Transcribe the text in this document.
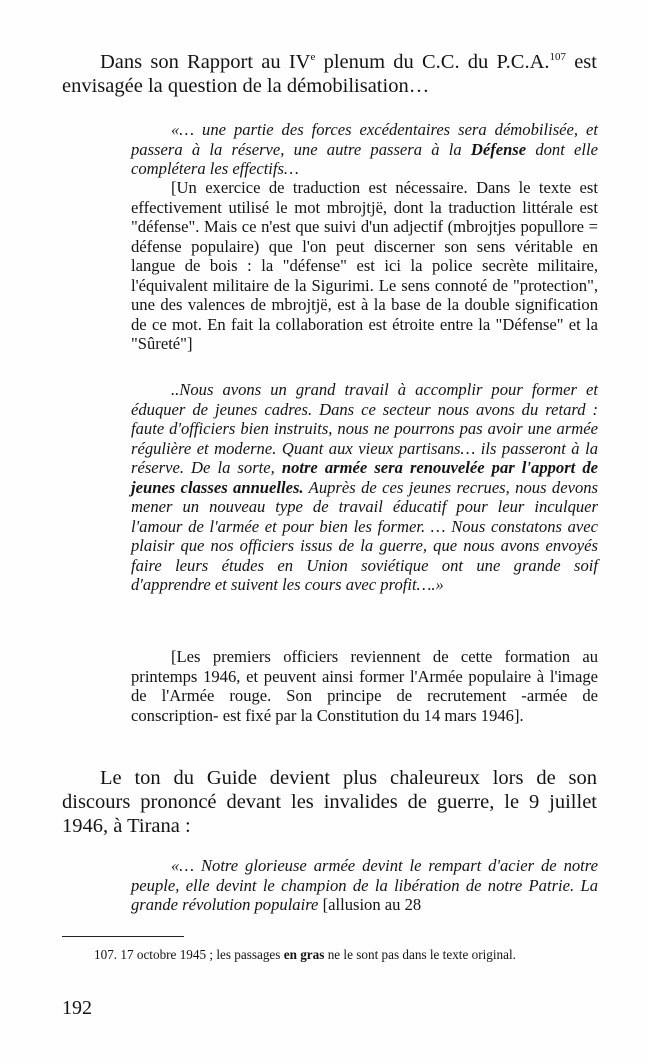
Dans son Rapport au IVe plenum du C.C. du P.C.A.$^{107}$ est envisagée la question de la démobilisation…

«… une partie des forces excédentaires sera démobilisée, et passera à la réserve, une autre passera à la Défense dont elle complétera les effectifs…

[Un exercice de traduction est nécessaire. Dans le texte est effectivement utilisé le mot mbrojtjë, dont la traduction littérale est "défense". Mais ce n'est que suivi d'un adjectif (mbrojtjes popullore = défense populaire) que l'on peut discerner son sens véritable en langue de bois : la "défense" est ici la police secrète militaire, l'équivalent militaire de la Sigurimi. Le sens connoté de "protection", une des valences de mbrojtjë, est à la base de la double signification de ce mot. En fait la collaboration est étroite entre la "Défense" et la "Sûreté"]

..Nous avons un grand travail à accomplir pour former et éduquer de jeunes cadres. Dans ce secteur nous avons du retard : faute d'officiers bien instruits, nous ne pourrons pas avoir une armée régulière et moderne. Quant aux vieux partisans… ils passeront à la réserve. De la sorte, notre armée sera renouvelée par l'apport de jeunes classes annuelles. Auprès de ces jeunes recrues, nous devons mener un nouveau type de travail éducatif pour leur inculquer l'amour de l'armée et pour bien les former. … Nous constatons avec plaisir que nos officiers issus de la guerre, que nous avons envoyés faire leurs études en Union soviétique ont une grande soif d'apprendre et suivent les cours avec profit….»

[Les premiers officiers reviennent de cette formation au printemps 1946, et peuvent ainsi former l'Armée populaire à l'image de l'Armée rouge. Son principe de recrutement -armée de conscription- est fixé par la Constitution du 14 mars 1946].

Le ton du Guide devient plus chaleureux lors de son discours prononcé devant les invalides de guerre, le 9 juillet 1946, à Tirana :

«… Notre glorieuse armée devint le rempart d'acier de notre peuple, elle devint le champion de la libération de notre Patrie. La grande révolution populaire [allusion au 28

107. 17 octobre 1945 ; les passages en gras ne le sont pas dans le texte original.

192
